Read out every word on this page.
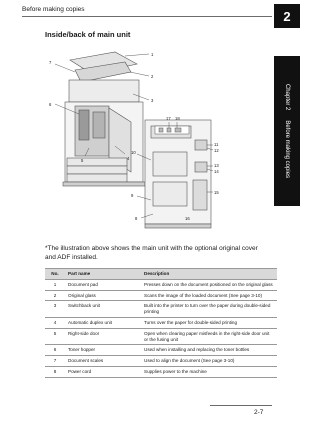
Before making copies	2
Chapter 2
Before making copies
Inside/back of main unit
1
2
3
4
5
6
7
17 18
11
12
13
14
15
10
9
8	16
*The illustration above shows the main unit with the optional original cover and ADF installed.
No.	Part name	Description
1	Document pad	Presses down on the document positioned on the original glass
2	Original glass	Scans the image of the loaded document (See page 3-10)
3	Switchback unit	Built into the printer to turn over the paper during double-sided printing
4	Automatic duplex unit	Turns over the paper for double-sided printing
5	Right-side door	Open when clearing paper misfeeds in the right-side door unit or the fusing unit
6	Toner hopper	Used when installing and replacing the toner bottles
7	Document scales	Used to align the document (See page 3-10)
8	Power cord	Supplies power to the machine
2-7
